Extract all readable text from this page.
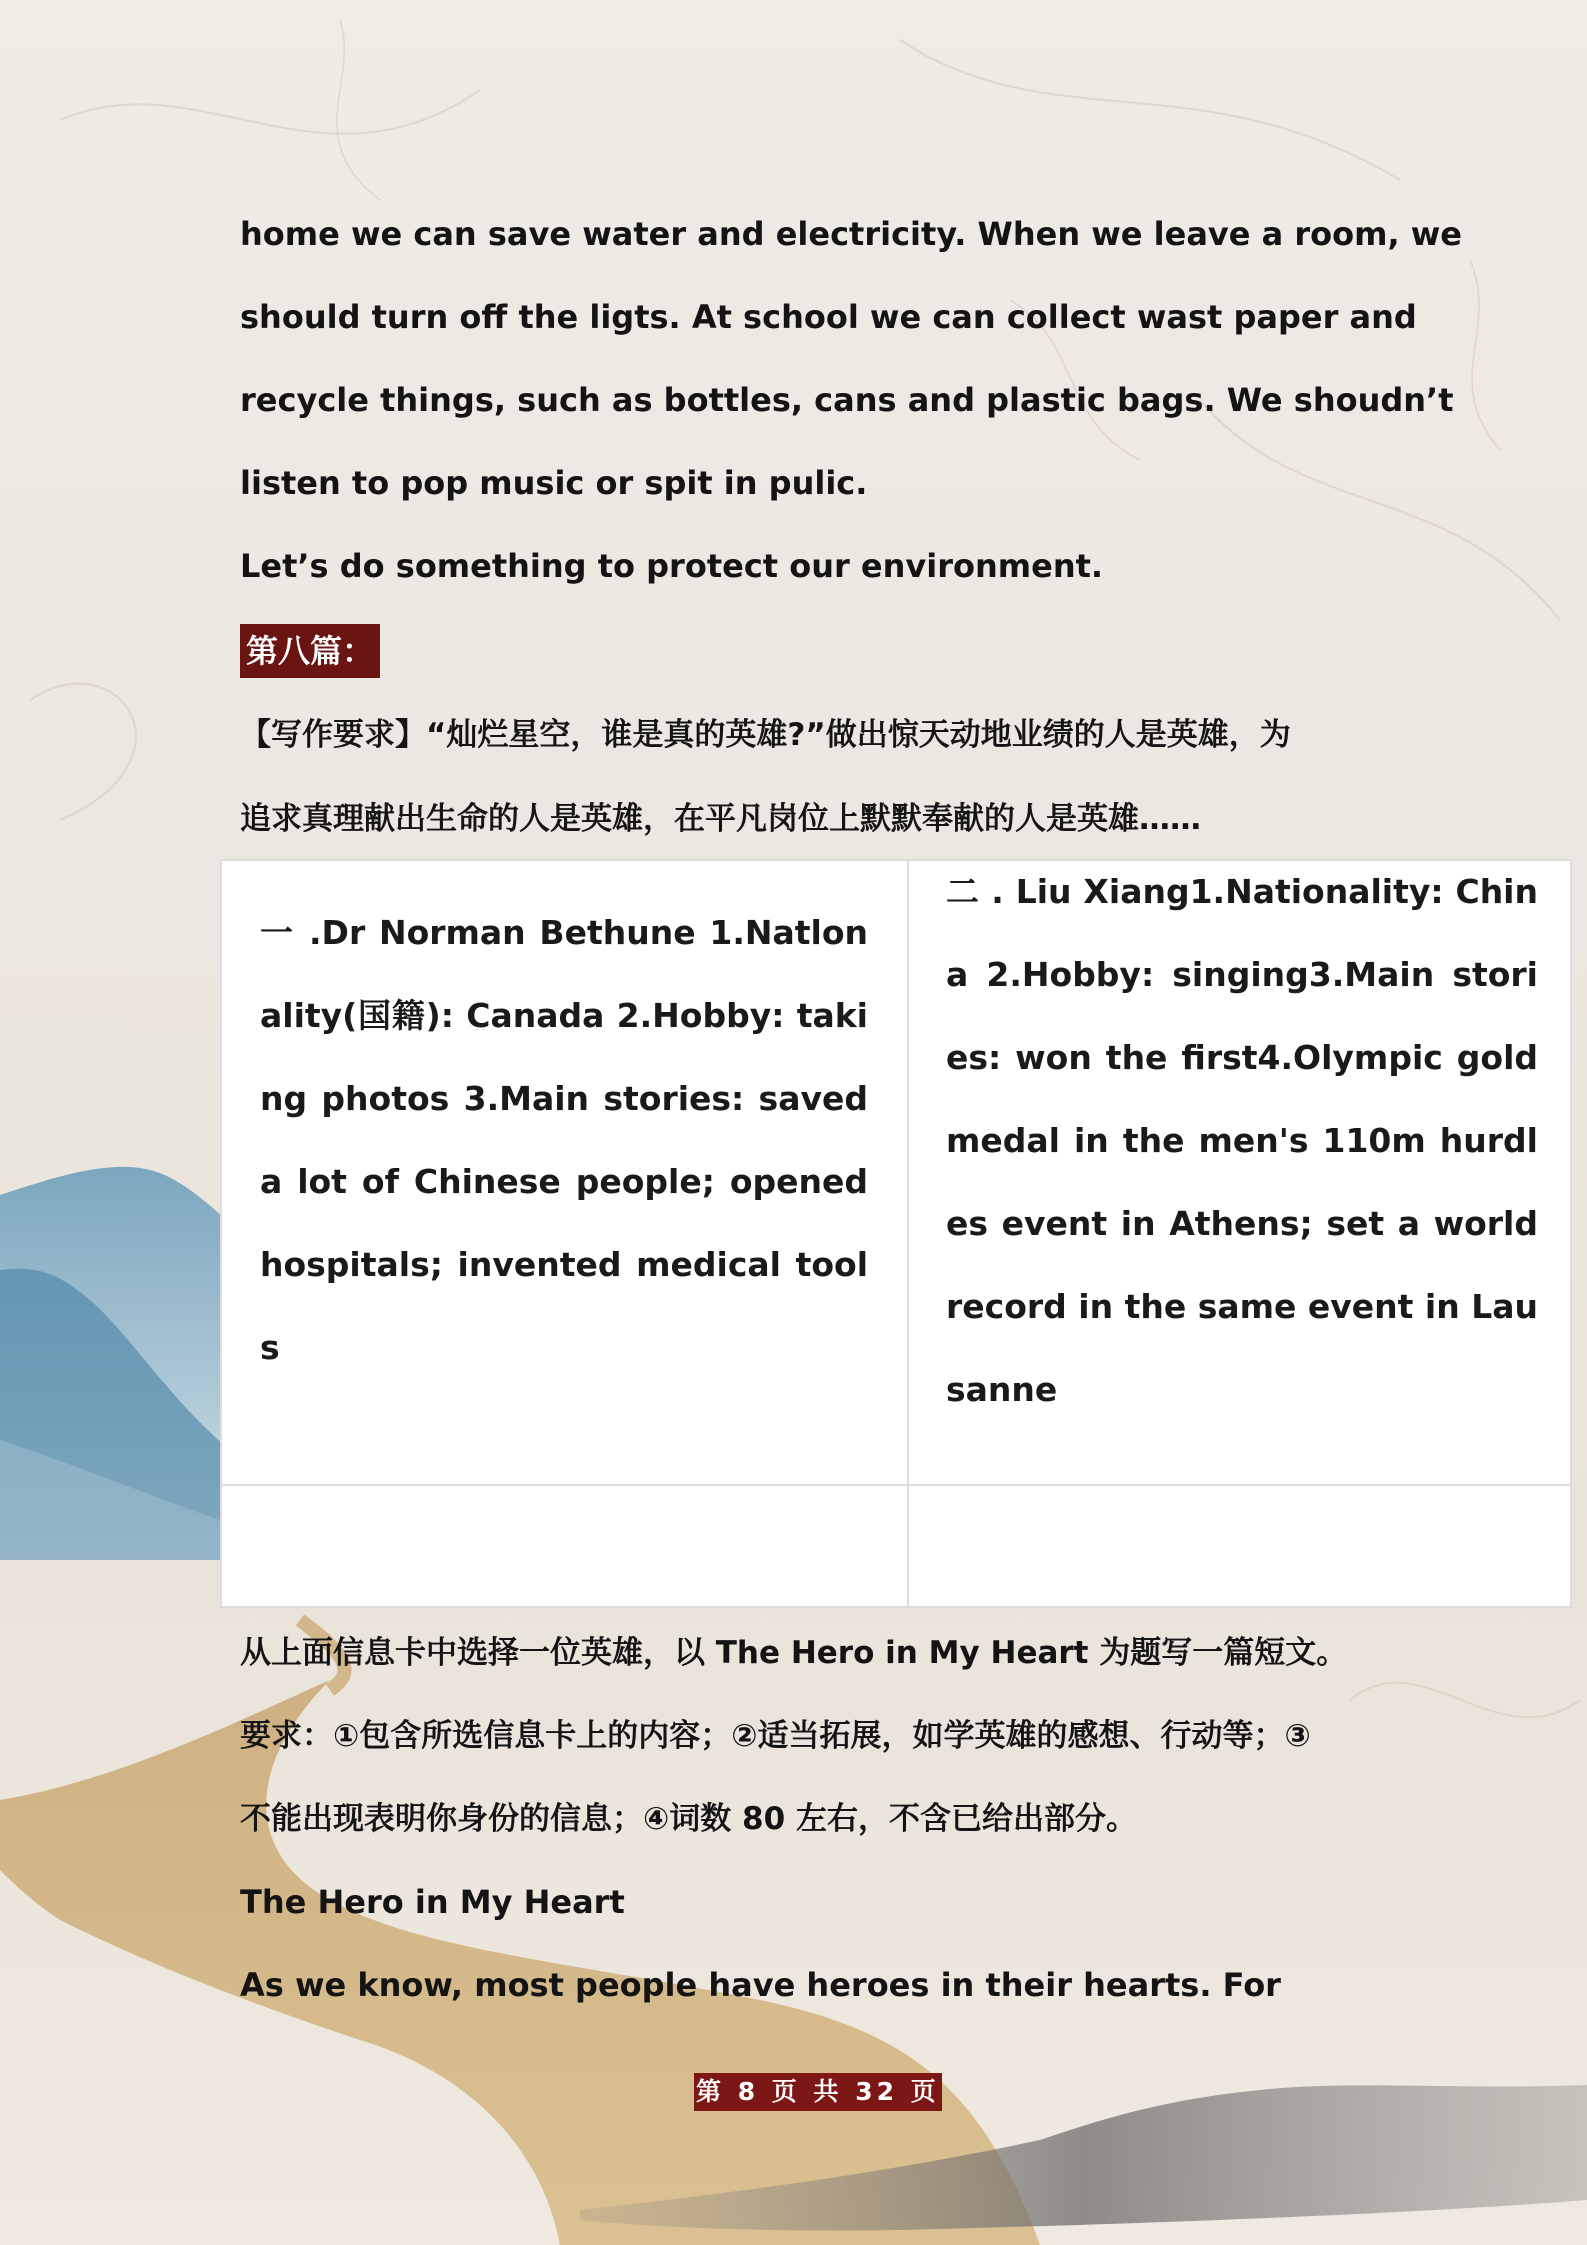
home we can save water and electricity. When we leave a room, we
should turn off the ligts. At school we can collect wast paper and
recycle things, such as bottles, cans and plastic bags. We shoudn’t
listen to pop music or spit in pulic.
Let’s do something to protect our environment.
第八篇：
【写作要求】“灿烂星空，谁是真的英雄?”做出惊天动地业绩的人是英雄，为
追求真理献出生命的人是英雄，在平凡岗位上默默奉献的人是英雄……
一 .Dr Norman Bethune 1.Natlonality(国籍): Canada 2.Hobby: taking photos 3.Main stories: saved a lot of Chinese people; opened hospitals; invented medical tools
二 . Liu Xiang1.Nationality: China 2.Hobby: singing3.Main stories: won the first4.Olympic gold medal in the men's 110m hurdles event in Athens; set a world record in the same event in Lausanne
从上面信息卡中选择一位英雄，以 The Hero in My Heart 为题写一篇短文。
要求：①包含所选信息卡上的内容；②适当拓展，如学英雄的感想、行动等；③
不能出现表明你身份的信息；④词数 80 左右，不含已给出部分。
The Hero in My Heart
As we know, most people have heroes in their hearts. For
第 8 页 共 32 页
